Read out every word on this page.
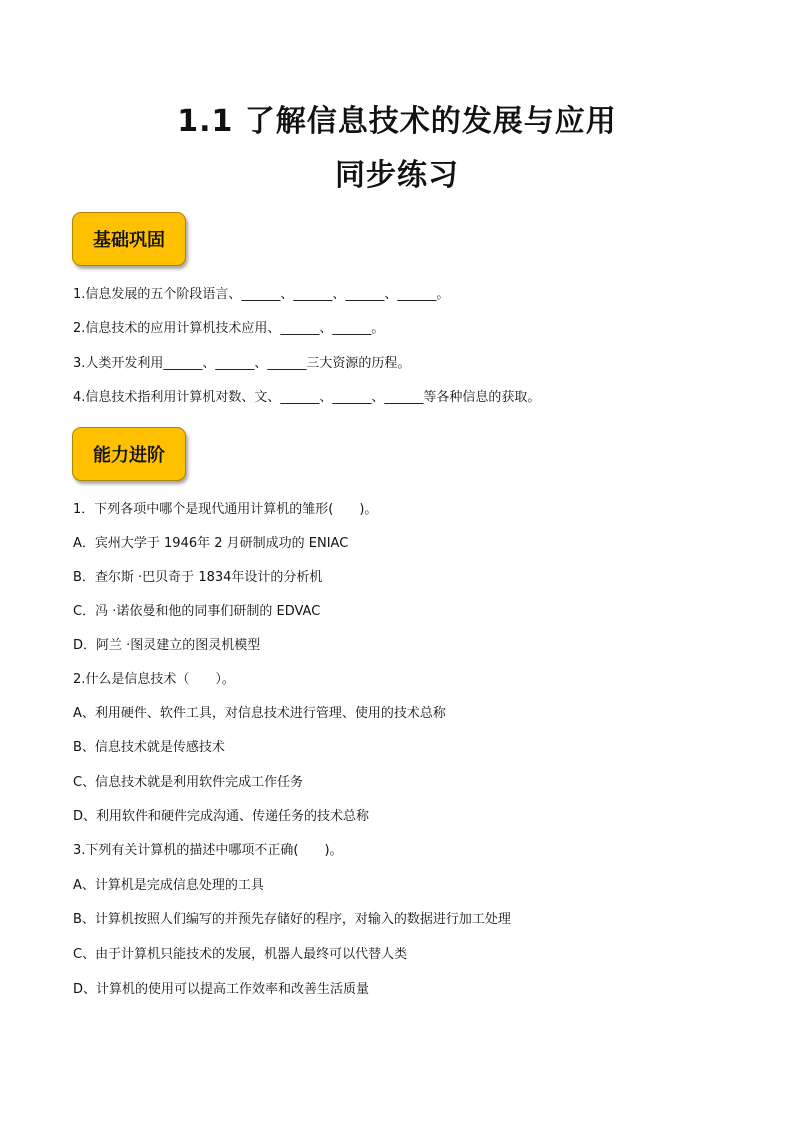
1.1 了解信息技术的发展与应用
同步练习
基础巩固
1.信息发展的五个阶段语言、______、______、______、______。
2.信息技术的应用计算机技术应用、______、______。
3.人类开发利用______、______、______三大资源的历程。
4.信息技术指利用计算机对数、文、______、______、______等各种信息的获取。
能力进阶
1．下列各项中哪个是现代通用计算机的雏形(　　)。
A．宾州大学于 1946年 2 月研制成功的 ENIAC
B．查尔斯 ·巴贝奇于 1834年设计的分析机
C．冯 ·诺依曼和他的同事们研制的 EDVAC
D．阿兰 ·图灵建立的图灵机模型
2.什么是信息技术（　　）。
A、利用硬件、软件工具，对信息技术进行管理、使用的技术总称
B、信息技术就是传感技术
C、信息技术就是利用软件完成工作任务
D、利用软件和硬件完成沟通、传递任务的技术总称
3.下列有关计算机的描述中哪项不正确(　　)。
A、计算机是完成信息处理的工具
B、计算机按照人们编写的并预先存储好的程序，对输入的数据进行加工处理
C、由于计算机只能技术的发展，机器人最终可以代替人类
D、计算机的使用可以提高工作效率和改善生活质量
